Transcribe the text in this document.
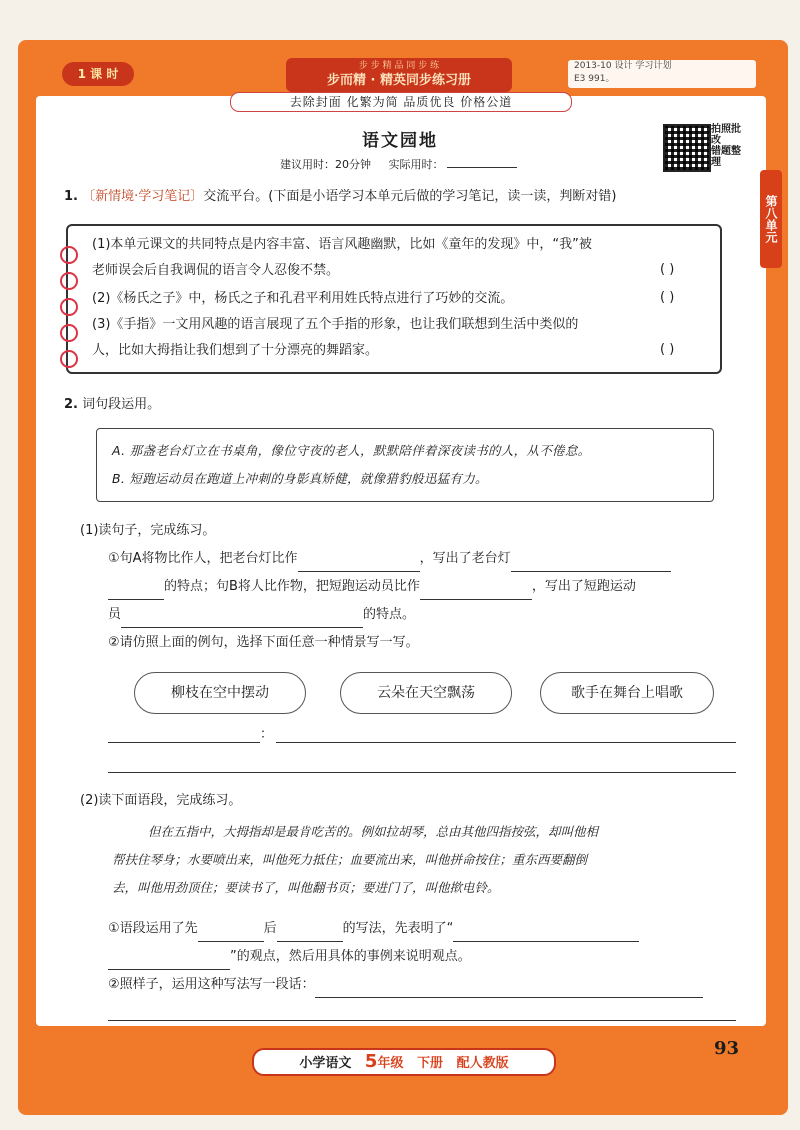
1 课 时
步 步 精 品 同 步 练
步而精 · 精英同步练习册
2013-10 设计 学习计划
E3 991。
去除封面 化繁为简 品质优良 价格公道
语文园地
建议用时：20分钟 实际用时：
拍照批改
错题整理
第八单元
1. 〔新情境·学习笔记〕交流平台。(下面是小语学习本单元后做的学习笔记，读一读，判断对错)
(1)本单元课文的共同特点是内容丰富、语言风趣幽默，比如《童年的发现》中，“我”被
老师误会后自我调侃的语言令人忍俊不禁。	( )
(2)《杨氏之子》中，杨氏之子和孔君平利用姓氏特点进行了巧妙的交流。	( )
(3)《手指》一文用风趣的语言展现了五个手指的形象，也让我们联想到生活中类似的
人，比如大拇指让我们想到了十分漂亮的舞蹈家。	( )
2. 词句段运用。
A. 那盏老台灯立在书桌角，像位守夜的老人，默默陪伴着深夜读书的人，从不倦怠。
B. 短跑运动员在跑道上冲刺的身影真矫健，就像猎豹般迅猛有力。
(1)读句子，完成练习。
①句A将物比作人，把老台灯比作	，写出了老台灯
的特点；句B将人比作物，把短跑运动员比作	，写出了短跑运动
员	的特点。
②请仿照上面的例句，选择下面任意一种情景写一写。
柳枝在空中摆动	云朵在天空飘荡	歌手在舞台上唱歌
：
(2)读下面语段，完成练习。
但在五指中，大拇指却是最肯吃苦的。例如拉胡琴，总由其他四指按弦，却叫他相
帮扶住琴身；水要喷出来，叫他死力抵住；血要流出来，叫他拼命按住；重东西要翻倒
去，叫他用劲顶住；要读书了，叫他翻书页；要进门了，叫他揿电铃。
①语段运用了先	后	的写法，先表明了“
”的观点，然后用具体的事例来说明观点。
②照样子，运用这种写法写一段话：
小学语文 5年级 下册 配人教版
93
